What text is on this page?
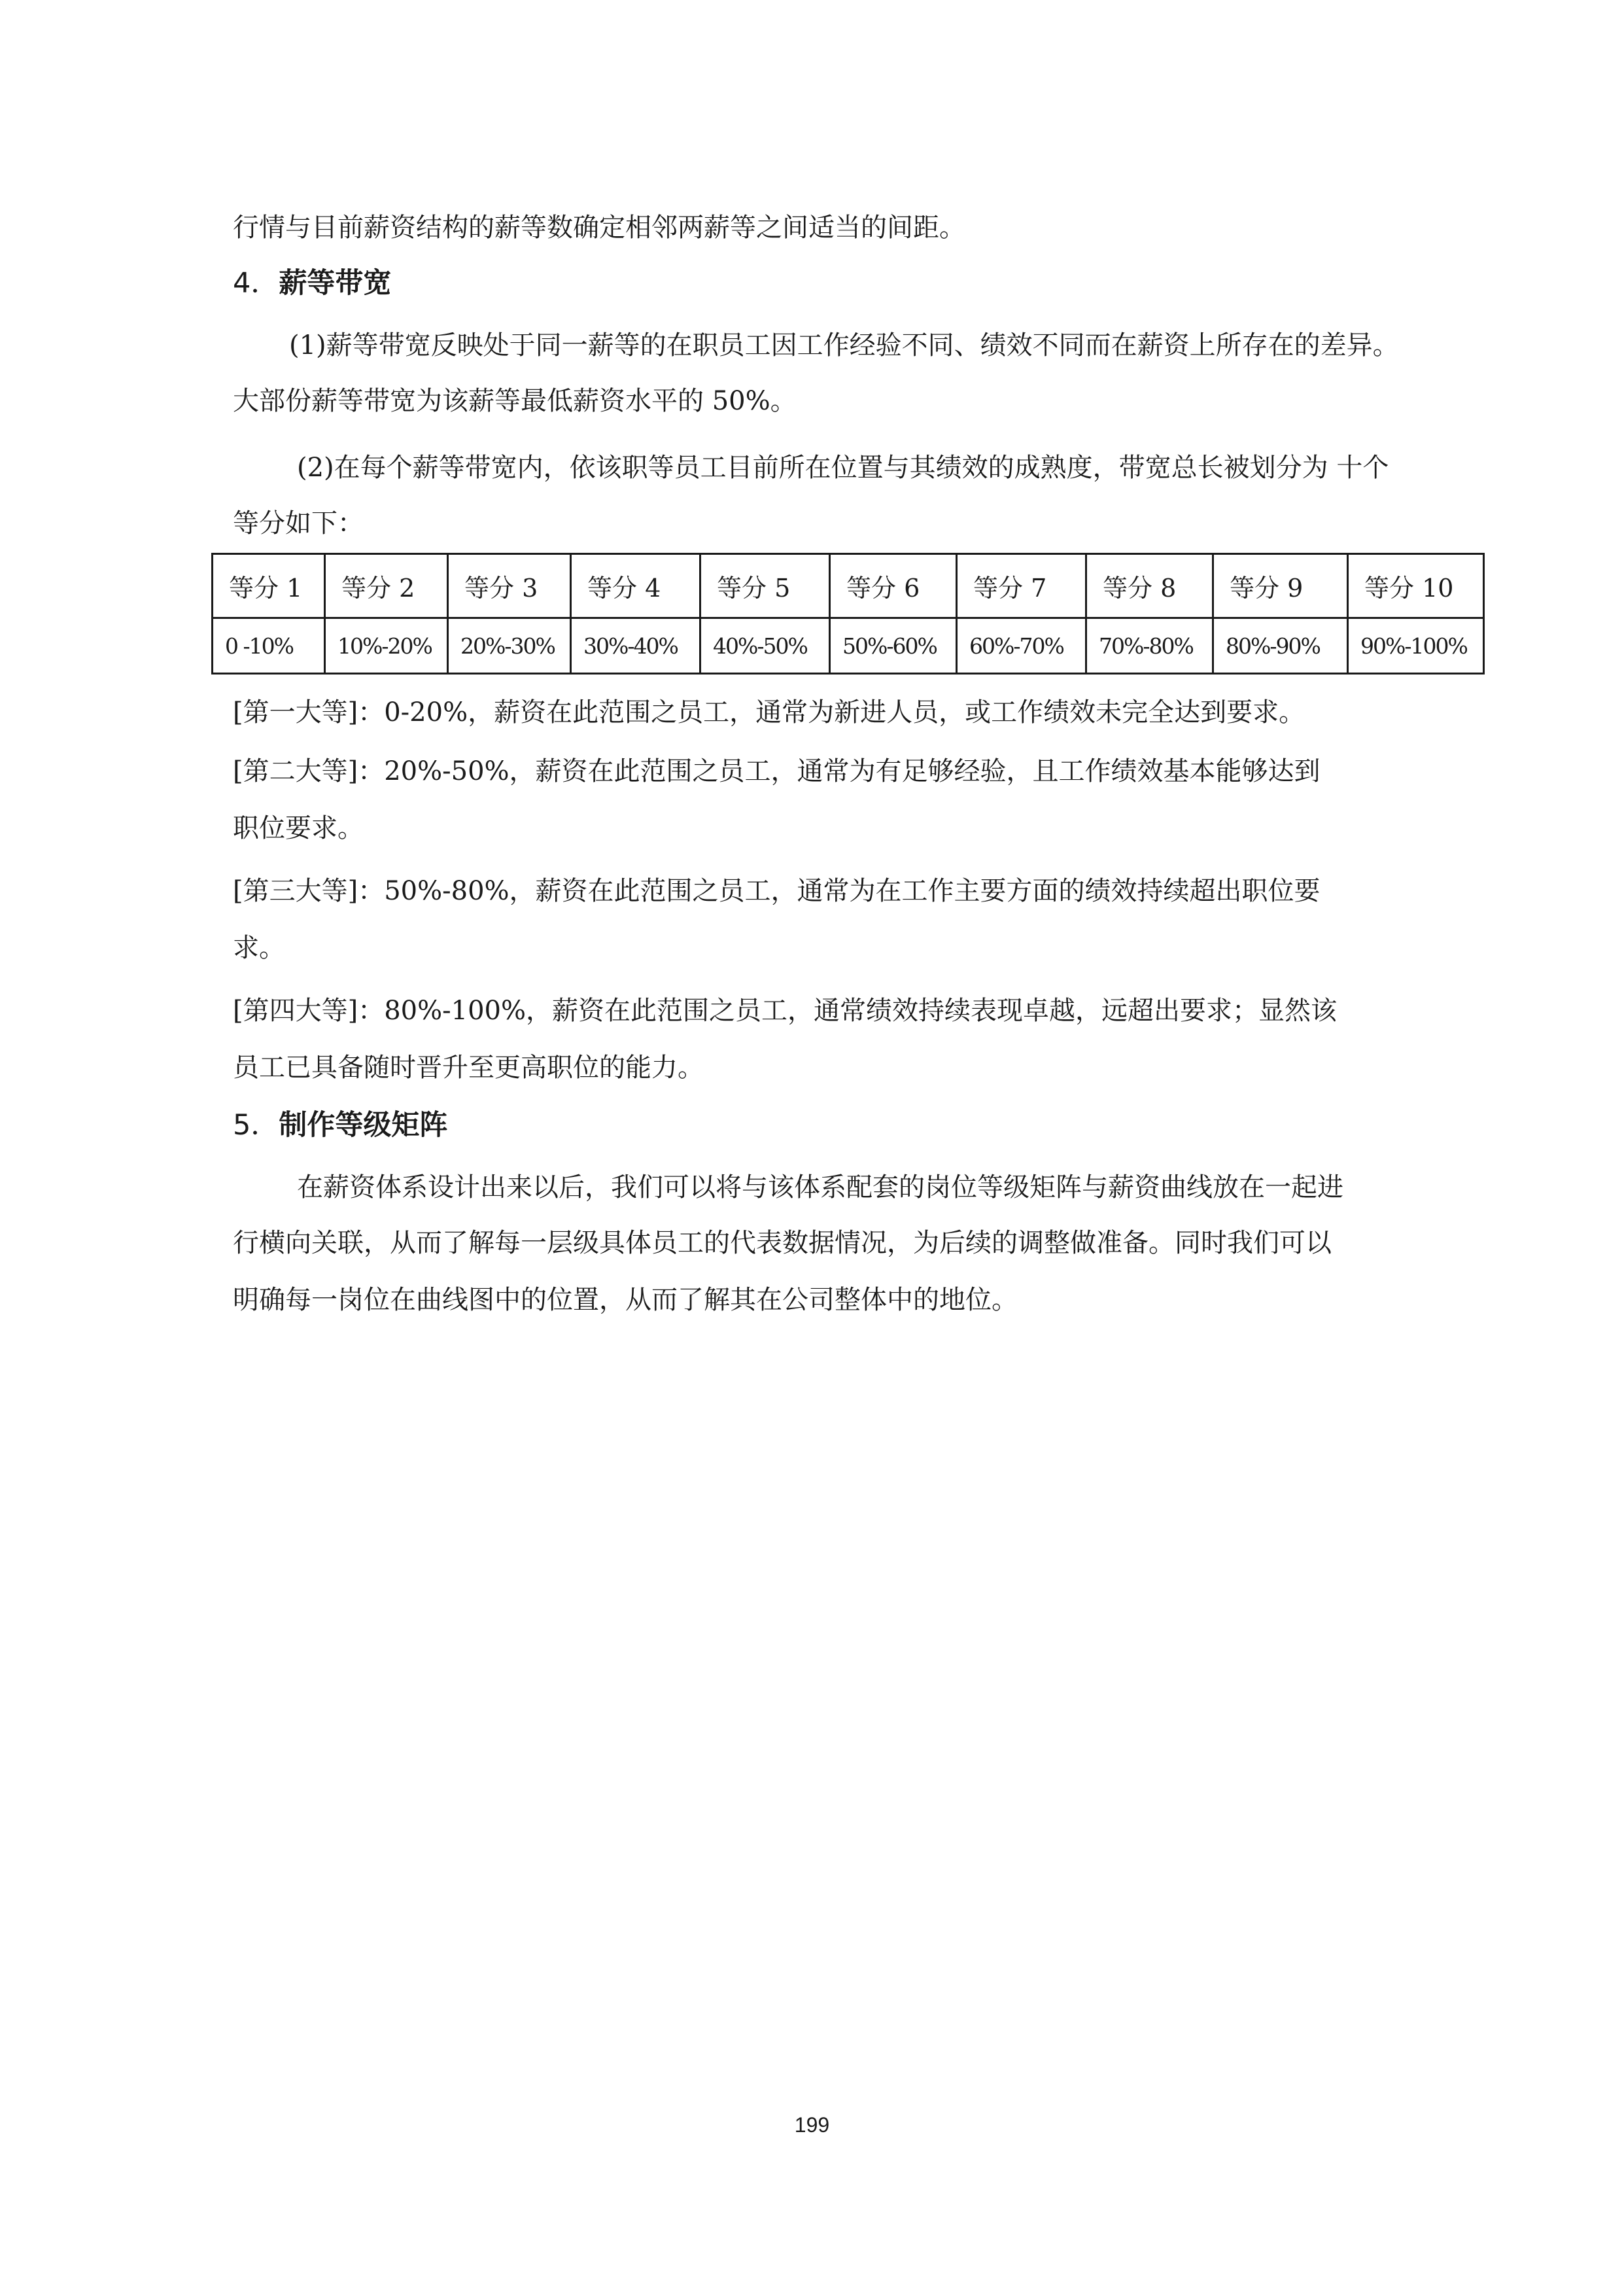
行情与目前薪资结构的薪等数确定相邻两薪等之间适当的间距。

4．薪等带宽

(1)薪等带宽反映处于同一薪等的在职员工因工作经验不同、绩效不同而在薪资上所存在的差异。

大部份薪等带宽为该薪等最低薪资水平的 50%。

(2)在每个薪等带宽内，依该职等员工目前所在位置与其绩效的成熟度，带宽总长被划分为 十个

等分如下：

等分 1	等分 2	等分 3	等分 4	等分 5	等分 6	等分 7	等分 8	等分 9	等分 10
0 -10%	10%-20%	20%-30%	30%-40%	40%-50%	50%-60%	60%-70%	70%-80%	80%-90%	90%-100%

[第一大等]：0-20%，薪资在此范围之员工，通常为新进人员，或工作绩效未完全达到要求。

[第二大等]：20%-50%，薪资在此范围之员工，通常为有足够经验，且工作绩效基本能够达到

职位要求。

[第三大等]：50%-80%，薪资在此范围之员工，通常为在工作主要方面的绩效持续超出职位要

求。

[第四大等]：80%-100%，薪资在此范围之员工，通常绩效持续表现卓越，远超出要求；显然该

员工已具备随时晋升至更高职位的能力。

5．制作等级矩阵

在薪资体系设计出来以后，我们可以将与该体系配套的岗位等级矩阵与薪资曲线放在一起进

行横向关联，从而了解每一层级具体员工的代表数据情况，为后续的调整做准备。同时我们可以

明确每一岗位在曲线图中的位置，从而了解其在公司整体中的地位。

199
